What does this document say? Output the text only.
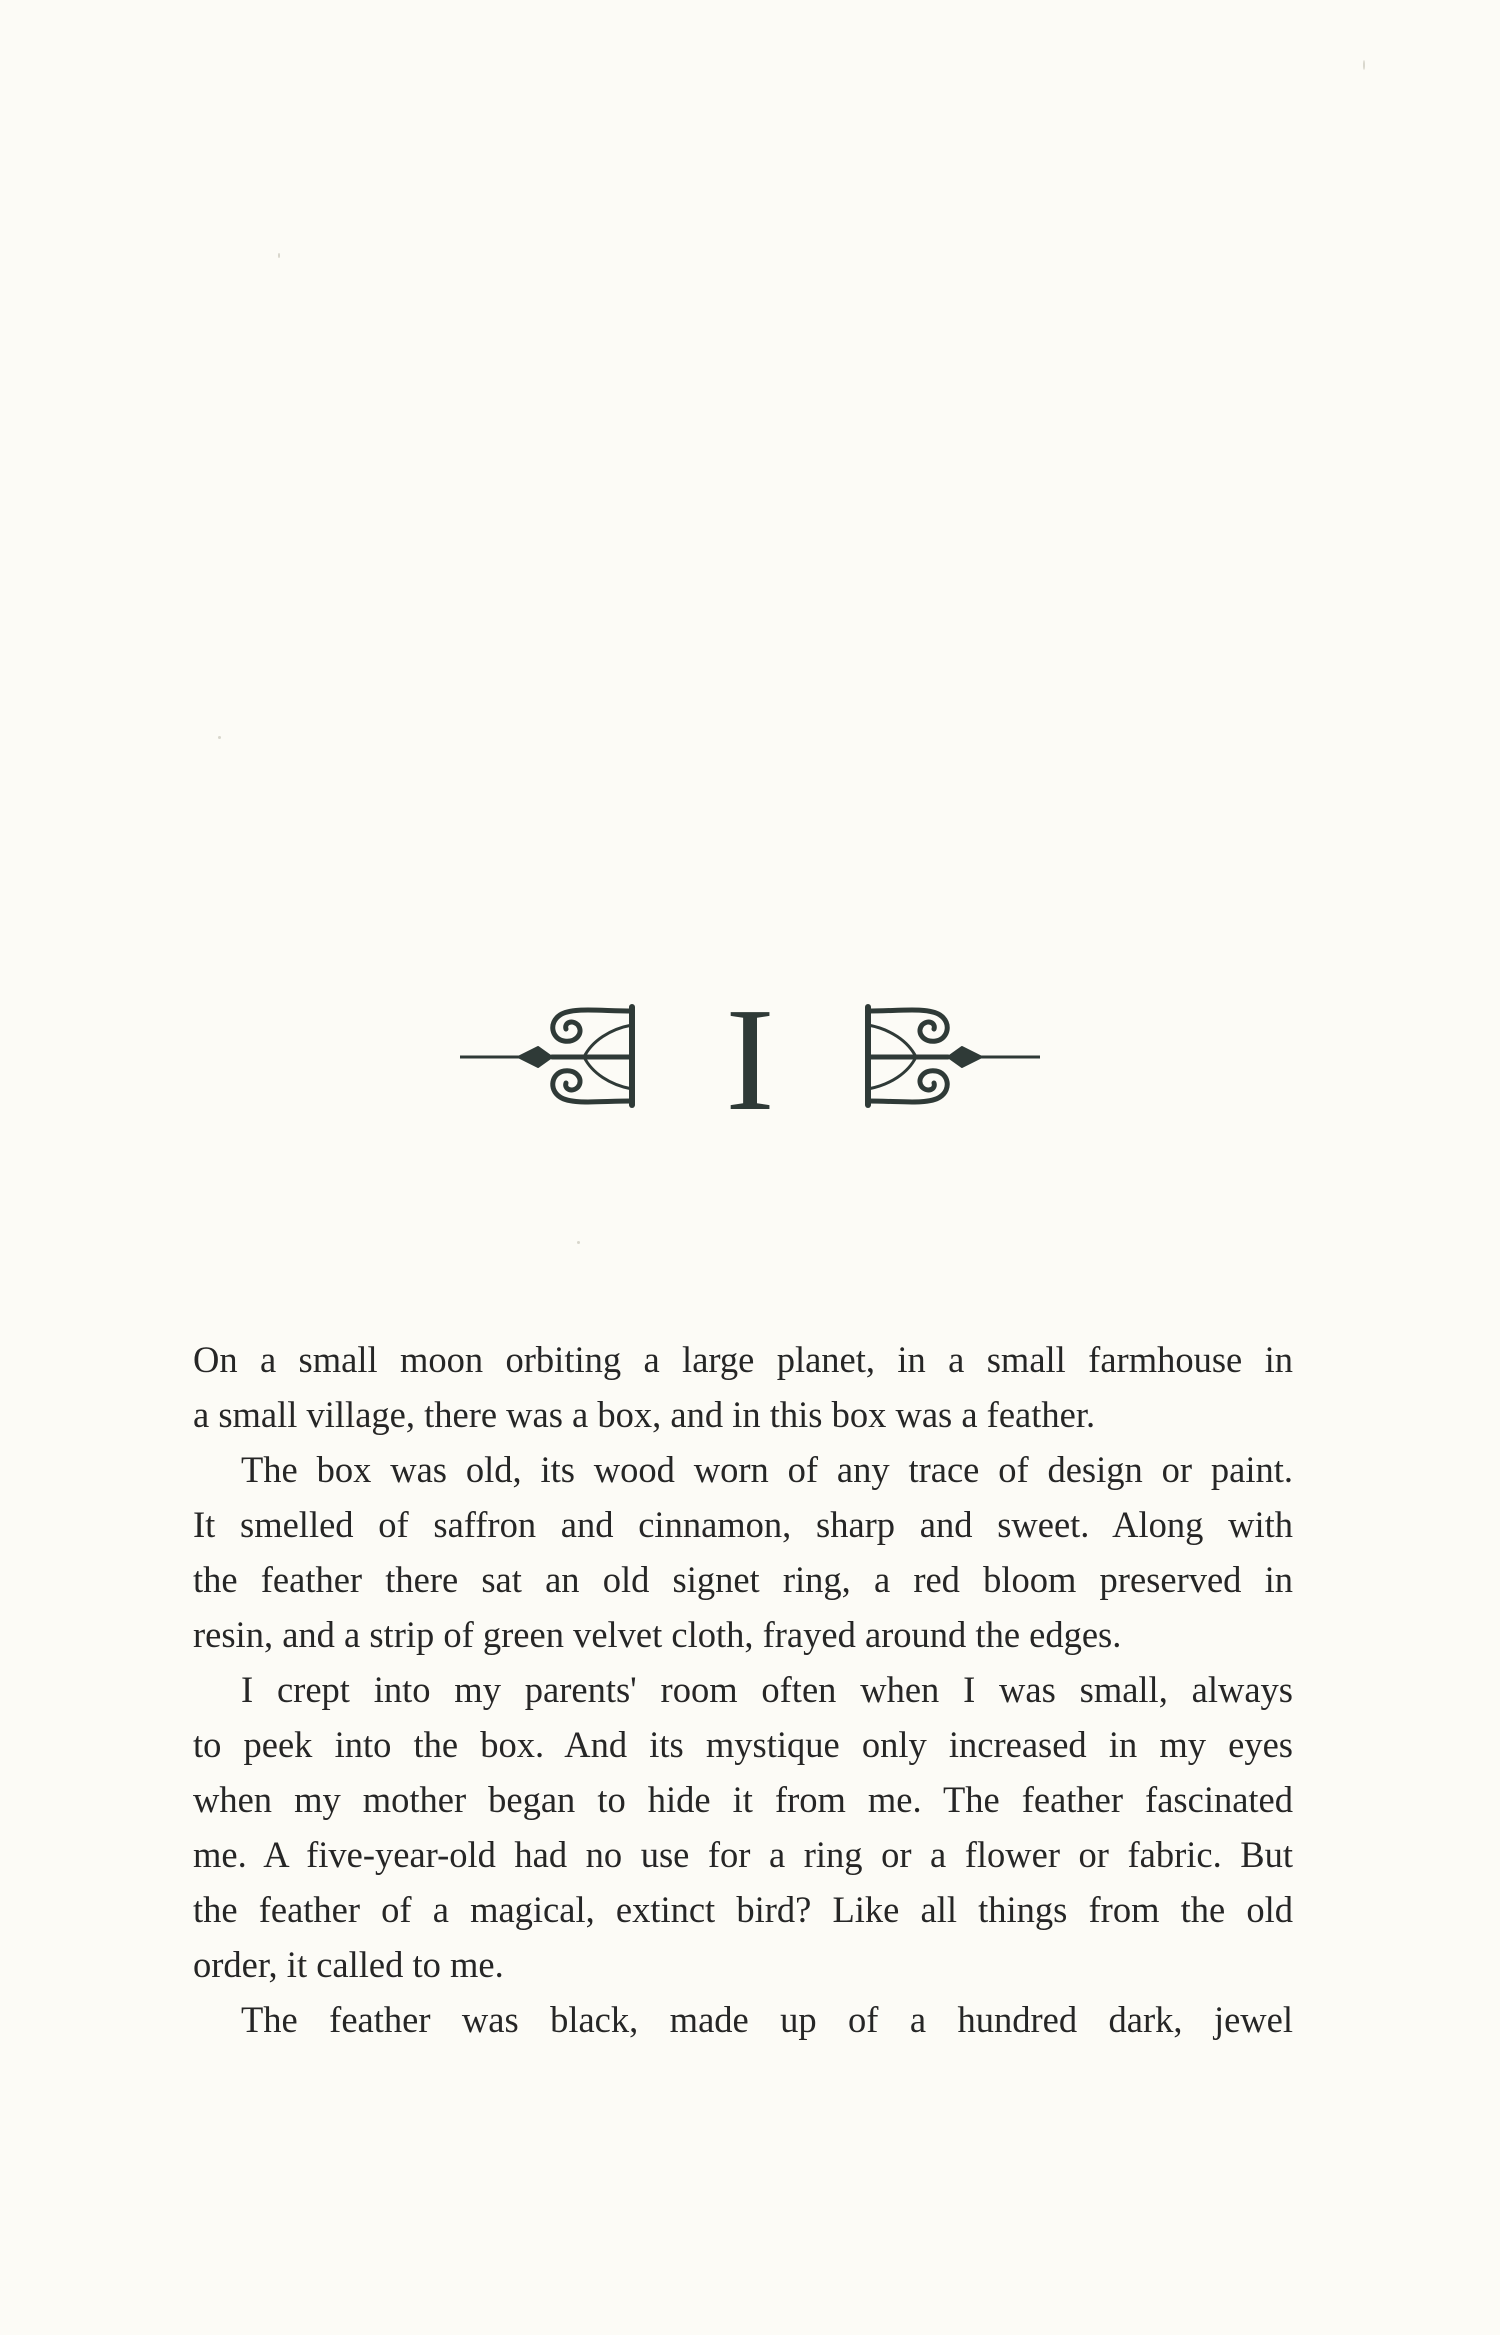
I
On a small moon orbiting a large planet, in a small farmhouse in
a small village, there was a box, and in this box was a feather.
The box was old, its wood worn of any trace of design or paint.
It smelled of saffron and cinnamon, sharp and sweet. Along with
the feather there sat an old signet ring, a red bloom preserved in
resin, and a strip of green velvet cloth, frayed around the edges.
I crept into my parents' room often when I was small, always
to peek into the box. And its mystique only increased in my eyes
when my mother began to hide it from me. The feather fascinated
me. A five-year-old had no use for a ring or a flower or fabric. But
the feather of a magical, extinct bird? Like all things from the old
order, it called to me.
The feather was black, made up of a hundred dark, jewel
